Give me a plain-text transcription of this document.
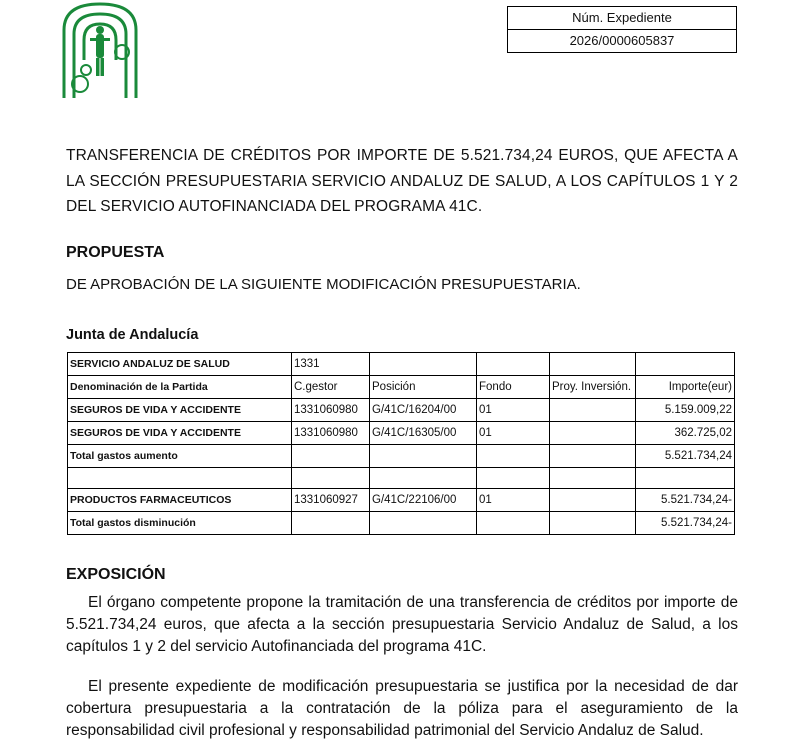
Núm. Expediente
2026/0000605837
TRANSFERENCIA DE CRÉDITOS POR IMPORTE DE 5.521.734,24 EUROS, QUE AFECTA A LA SECCIÓN PRESUPUESTARIA SERVICIO ANDALUZ DE SALUD, A LOS CAPÍTULOS 1 Y 2 DEL SERVICIO AUTOFINANCIADA DEL PROGRAMA 41C.
PROPUESTA
DE APROBACIÓN DE LA SIGUIENTE MODIFICACIÓN PRESUPUESTARIA.
Junta de Andalucía
SERVICIO ANDALUZ DE SALUD	1331				
Denominación de la Partida	C.gestor	Posición	Fondo	Proy. Inversión.	Importe(eur)
SEGUROS DE VIDA Y ACCIDENTE	1331060980	G/41C/16204/00	01		5.159.009,22
SEGUROS DE VIDA Y ACCIDENTE	1331060980	G/41C/16305/00	01		362.725,02
Total gastos aumento					5.521.734,24

PRODUCTOS FARMACEUTICOS	1331060927	G/41C/22106/00	01		5.521.734,24-
Total gastos disminución					5.521.734,24-
EXPOSICIÓN
El órgano competente propone la tramitación de una transferencia de créditos por importe de 5.521.734,24 euros, que afecta a la sección presupuestaria Servicio Andaluz de Salud, a los capítulos 1 y 2 del servicio Autofinanciada del programa 41C.
El presente expediente de modificación presupuestaria se justifica por la necesidad de dar cobertura presupuestaria a la contratación de la póliza para el aseguramiento de la responsabilidad civil profesional y responsabilidad patrimonial del Servicio Andaluz de Salud.
